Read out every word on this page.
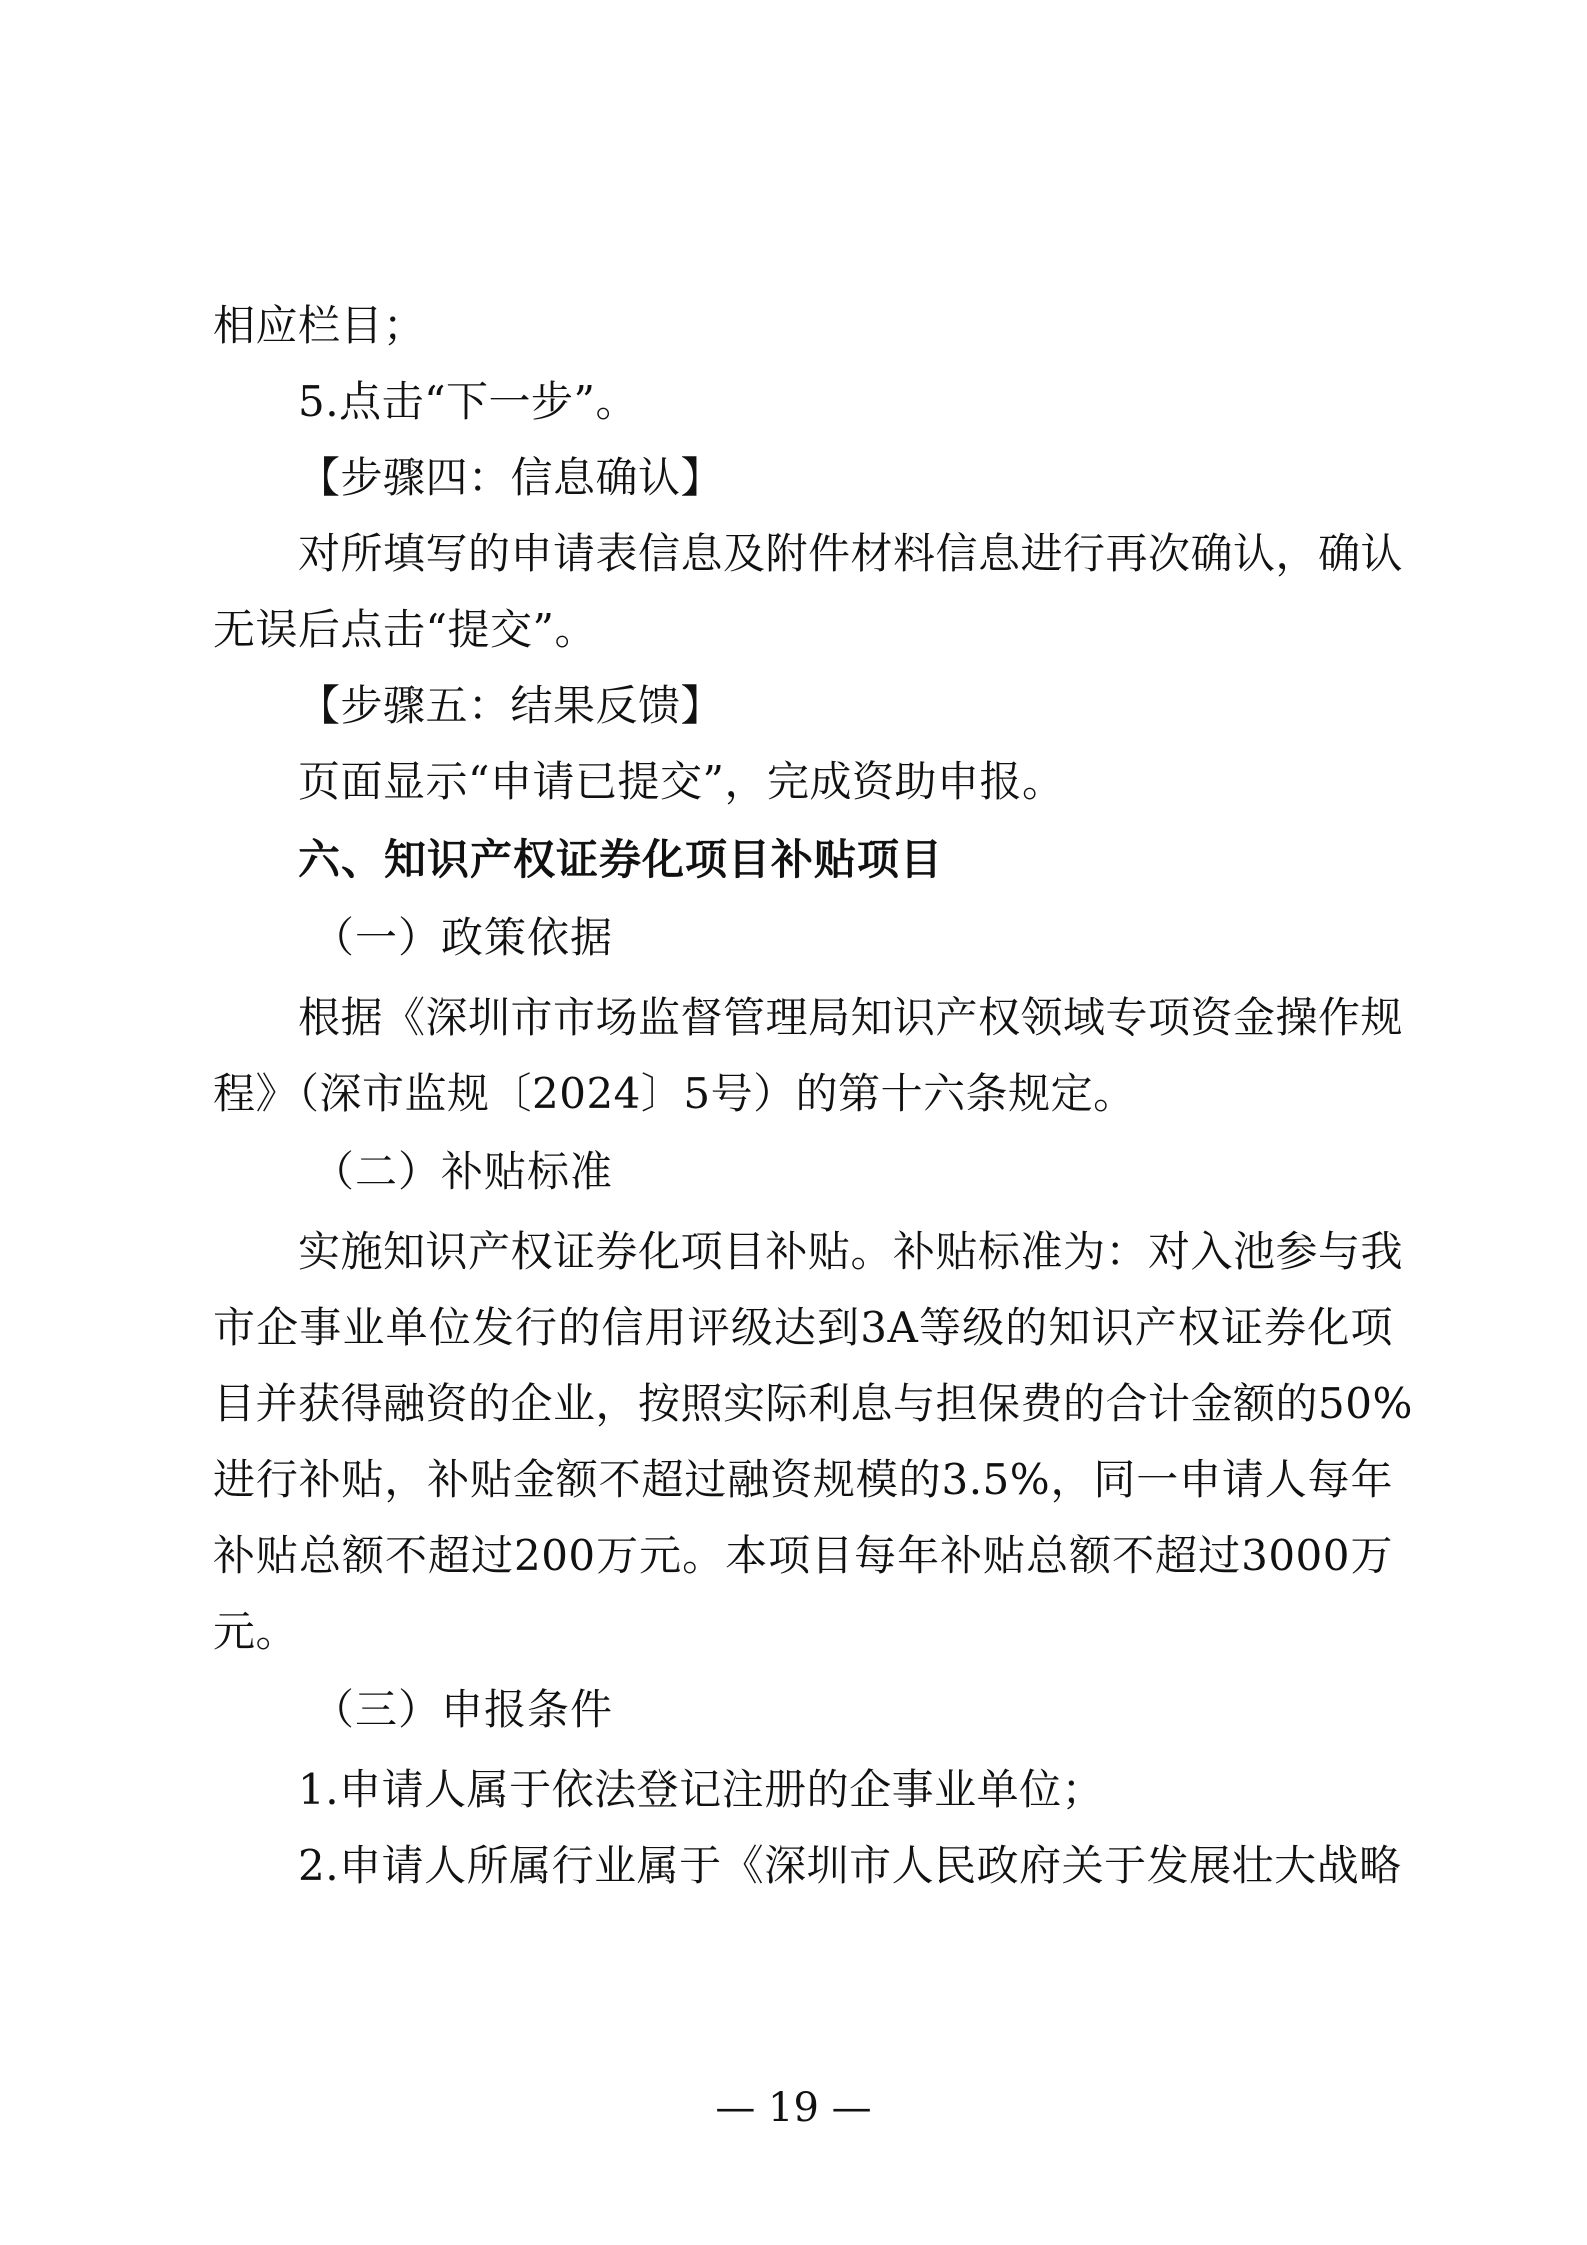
相应栏目；
5.点击“下一步”。
【步骤四：信息确认】
对所填写的申请表信息及附件材料信息进行再次确认，确认
无误后点击“提交”。
【步骤五：结果反馈】
页面显示“申请已提交”，完成资助申报。
六、知识产权证券化项目补贴项目
（一）政策依据
根据《深圳市市场监督管理局知识产权领域专项资金操作规
程》（深市监规〔2024〕5号）的第十六条规定。
（二）补贴标准
实施知识产权证券化项目补贴。补贴标准为：对入池参与我
市企事业单位发行的信用评级达到3A等级的知识产权证券化项
目并获得融资的企业，按照实际利息与担保费的合计金额的50%
进行补贴，补贴金额不超过融资规模的3.5%，同一申请人每年
补贴总额不超过200万元。本项目每年补贴总额不超过3000万
元。
（三）申报条件
1.申请人属于依法登记注册的企事业单位；
2.申请人所属行业属于《深圳市人民政府关于发展壮大战略
— 19 —
